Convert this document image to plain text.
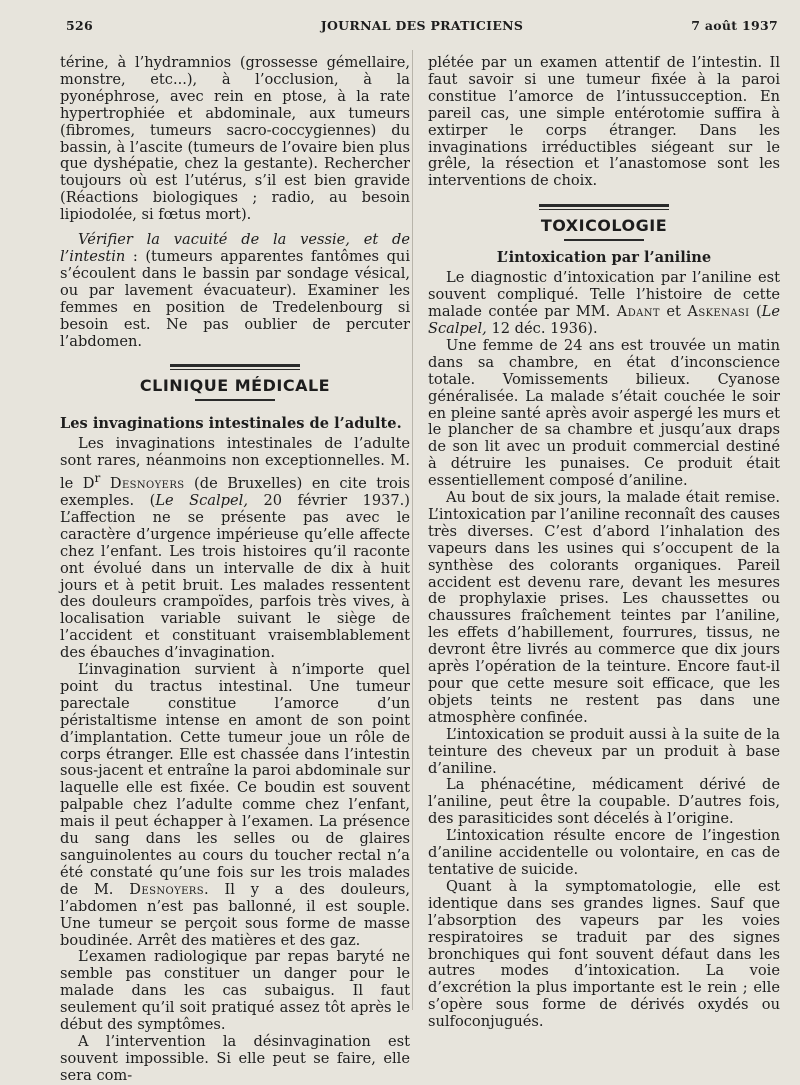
526	JOURNAL DES PRATICIENS	7 août 1937

térine, à l’hydramnios (grossesse gémellaire, monstre, etc...), à l’occlusion, à la pyonéphrose, avec rein en ptose, à la rate hypertrophiée et abdominale, aux tumeurs (fibromes, tumeurs sacro-coccygiennes) du bassin, à l’ascite (tumeurs de l’ovaire bien plus que dyshépatie, chez la gestante). Rechercher toujours où est l’utérus, s’il est bien gravide (Réactions biologiques ; radio, au besoin lipiodolée, si fœtus mort).

Vérifier la vacuité de la vessie, et de l’intestin : (tumeurs apparentes fantômes qui s’écoulent dans le bassin par sondage vésical, ou par lavement évacuateur). Examiner les femmes en position de Tredelenbourg si besoin est. Ne pas oublier de percuter l’abdomen.

CLINIQUE MÉDICALE
Les invaginations intestinales de l’adulte.

Les invaginations intestinales de l’adulte sont rares, néanmoins non exceptionnelles. M. le $D^r$ Desnoyers (de Bruxelles) en cite trois exemples. (Le Scalpel, 20 février 1937.) L’affection ne se présente pas avec le caractère d’urgence impérieuse qu’elle affecte chez l’enfant. Les trois histoires qu’il raconte ont évolué dans un intervalle de dix à huit jours et à petit bruit. Les malades ressentent des douleurs crampoïdes, parfois très vives, à localisation variable suivant le siège de l’accident et constituant vraisemblablement des ébauches d’invagination.

L’invagination survient à n’importe quel point du tractus intestinal. Une tumeur parectale constitue l’amorce d’un péristaltisme intense en amont de son point d’implantation. Cette tumeur joue un rôle de corps étranger. Elle est chassée dans l’intestin sous-jacent et entraîne la paroi abdominale sur laquelle elle est fixée. Ce boudin est souvent palpable chez l’adulte comme chez l’enfant, mais il peut échapper à l’examen. La présence du sang dans les selles ou de glaires sanguinolentes au cours du toucher rectal n’a été constaté qu’une fois sur les trois malades de M. Desnoyers. Il y a des douleurs, l’abdomen n’est pas ballonné, il est souple. Une tumeur se perçoit sous forme de masse boudinée. Arrêt des matières et des gaz.

L’examen radiologique par repas baryté ne semble pas constituer un danger pour le malade dans les cas subaigus. Il faut seulement qu’il soit pratiqué assez tôt après le début des symptômes.

A l’intervention la désinvagination est souvent impossible. Si elle peut se faire, elle sera com-

plétée par un examen attentif de l’intestin. Il faut savoir si une tumeur fixée à la paroi constitue l’amorce de l’intussucception. En pareil cas, une simple entérotomie suffira à extirper le corps étranger. Dans les invaginations irréductibles siégeant sur le grêle, la résection et l’anastomose sont les interventions de choix.

TOXICOLOGIE
L’intoxication par l’aniline

Le diagnostic d’intoxication par l’aniline est souvent compliqué. Telle l’histoire de cette malade contée par MM. Adant et Askenasi (Le Scalpel, 12 déc. 1936).

Une femme de 24 ans est trouvée un matin dans sa chambre, en état d’inconscience totale. Vomissements bilieux. Cyanose généralisée. La malade s’était couchée le soir en pleine santé après avoir aspergé les murs et le plancher de sa chambre et jusqu’aux draps de son lit avec un produit commercial destiné à détruire les punaises. Ce produit était essentiellement composé d’aniline.

Au bout de six jours, la malade était remise. L’intoxication par l’aniline reconnaît des causes très diverses. C’est d’abord l’inhalation des vapeurs dans les usines qui s’occupent de la synthèse des colorants organiques. Pareil accident est devenu rare, devant les mesures de prophylaxie prises. Les chaussettes ou chaussures fraîchement teintes par l’aniline, les effets d’habillement, fourrures, tissus, ne devront être livrés au commerce que dix jours après l’opération de la teinture. Encore faut-il pour que cette mesure soit efficace, que les objets teints ne restent pas dans une atmosphère confinée.

L’intoxication se produit aussi à la suite de la teinture des cheveux par un produit à base d’aniline.

La phénacétine, médicament dérivé de l’aniline, peut être la coupable. D’autres fois, des parasiticides sont décelés à l’origine.

L’intoxication résulte encore de l’ingestion d’aniline accidentelle ou volontaire, en cas de tentative de suicide.

Quant à la symptomatologie, elle est identique dans ses grandes lignes. Sauf que l’absorption des vapeurs par les voies respiratoires se traduit par des signes bronchiques qui font souvent défaut dans les autres modes d’intoxication. La voie d’excrétion la plus importante est le rein ; elle s’opère sous forme de dérivés oxydés ou sulfoconjugués.
